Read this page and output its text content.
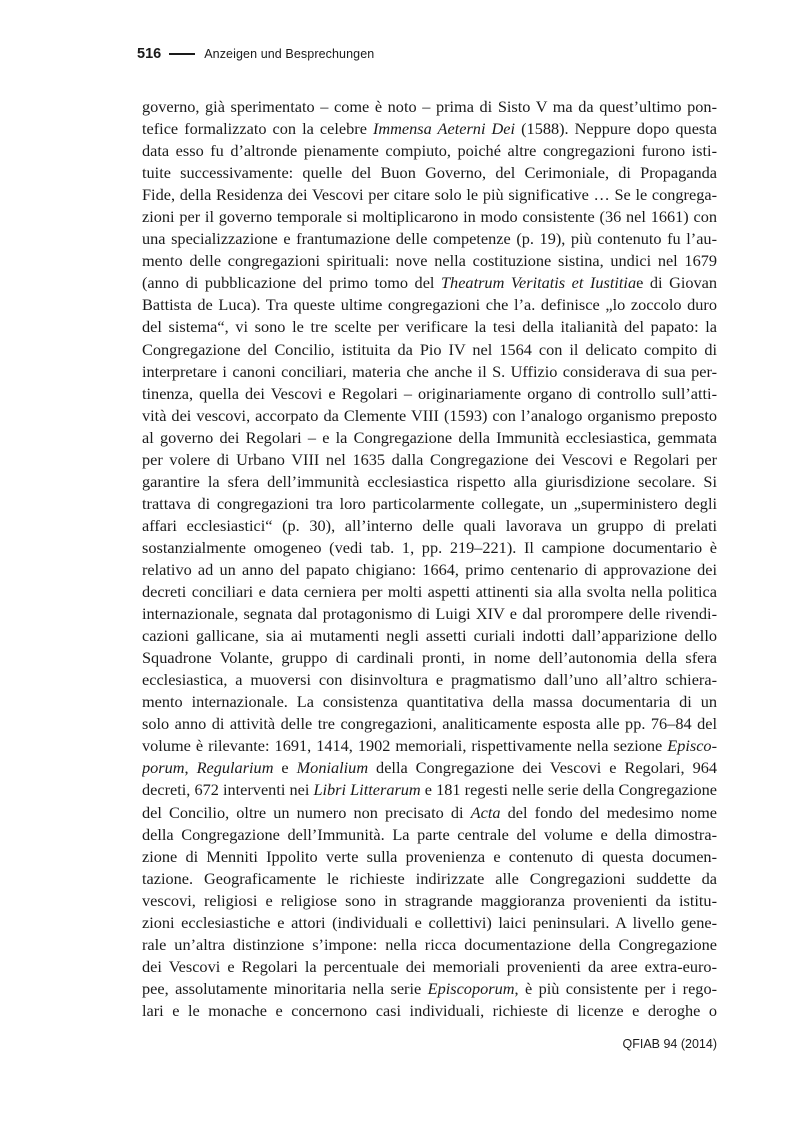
516	Anzeigen und Besprechungen
governo, già sperimentato – come è noto – prima di Sisto V ma da quest’ultimo pon-
tefice formalizzato con la celebre Immensa Aeterni Dei (1588). Neppure dopo questa
data esso fu d’altronde pienamente compiuto, poiché altre congregazioni furono isti-
tuite successivamente: quelle del Buon Governo, del Cerimoniale, di Propaganda
Fide, della Residenza dei Vescovi per citare solo le più significative … Se le congrega-
zioni per il governo temporale si moltiplicarono in modo consistente (36 nel 1661) con
una specializzazione e frantumazione delle competenze (p. 19), più contenuto fu l’au-
mento delle congregazioni spirituali: nove nella costituzione sistina, undici nel 1679
(anno di pubblicazione del primo tomo del Theatrum Veritatis et Iustitiae di Giovan
Battista de Luca). Tra queste ultime congregazioni che l’a. definisce „lo zoccolo duro
del sistema“, vi sono le tre scelte per verificare la tesi della italianità del papato: la
Congregazione del Concilio, istituita da Pio IV nel 1564 con il delicato compito di
interpretare i canoni conciliari, materia che anche il S. Uffizio considerava di sua per-
tinenza, quella dei Vescovi e Regolari – originariamente organo di controllo sull’atti-
vità dei vescovi, accorpato da Clemente VIII (1593) con l’analogo organismo preposto
al governo dei Regolari – e la Congregazione della Immunità ecclesiastica, gemmata
per volere di Urbano VIII nel 1635 dalla Congregazione dei Vescovi e Regolari per
garantire la sfera dell’immunità ecclesiastica rispetto alla giurisdizione secolare. Si
trattava di congregazioni tra loro particolarmente collegate, un „superministero degli
affari ecclesiastici“ (p. 30), all’interno delle quali lavorava un gruppo di prelati
sostanzialmente omogeneo (vedi tab. 1, pp. 219–221). Il campione documentario è
relativo ad un anno del papato chigiano: 1664, primo centenario di approvazione dei
decreti conciliari e data cerniera per molti aspetti attinenti sia alla svolta nella politica
internazionale, segnata dal protagonismo di Luigi XIV e dal prorompere delle rivendi-
cazioni gallicane, sia ai mutamenti negli assetti curiali indotti dall’apparizione dello
Squadrone Volante, gruppo di cardinali pronti, in nome dell’autonomia della sfera
ecclesiastica, a muoversi con disinvoltura e pragmatismo dall’uno all’altro schiera-
mento internazionale. La consistenza quantitativa della massa documentaria di un
solo anno di attività delle tre congregazioni, analiticamente esposta alle pp. 76–84 del
volume è rilevante: 1691, 1414, 1902 memoriali, rispettivamente nella sezione Episco-
porum, Regularium e Monialium della Congregazione dei Vescovi e Regolari, 964
decreti, 672 interventi nei Libri Litterarum e 181 regesti nelle serie della Congregazione
del Concilio, oltre un numero non precisato di Acta del fondo del medesimo nome
della Congregazione dell’Immunità. La parte centrale del volume e della dimostra-
zione di Menniti Ippolito verte sulla provenienza e contenuto di questa documen-
tazione. Geograficamente le richieste indirizzate alle Congregazioni suddette da
vescovi, religiosi e religiose sono in stragrande maggioranza provenienti da istitu-
zioni ecclesiastiche e attori (individuali e collettivi) laici peninsulari. A livello gene-
rale un’altra distinzione s’impone: nella ricca documentazione della Congregazione
dei Vescovi e Regolari la percentuale dei memoriali provenienti da aree extra-euro-
pee, assolutamente minoritaria nella serie Episcoporum, è più consistente per i rego-
lari e le monache e concernono casi individuali, richieste di licenze e deroghe o
QFIAB 94 (2014)
